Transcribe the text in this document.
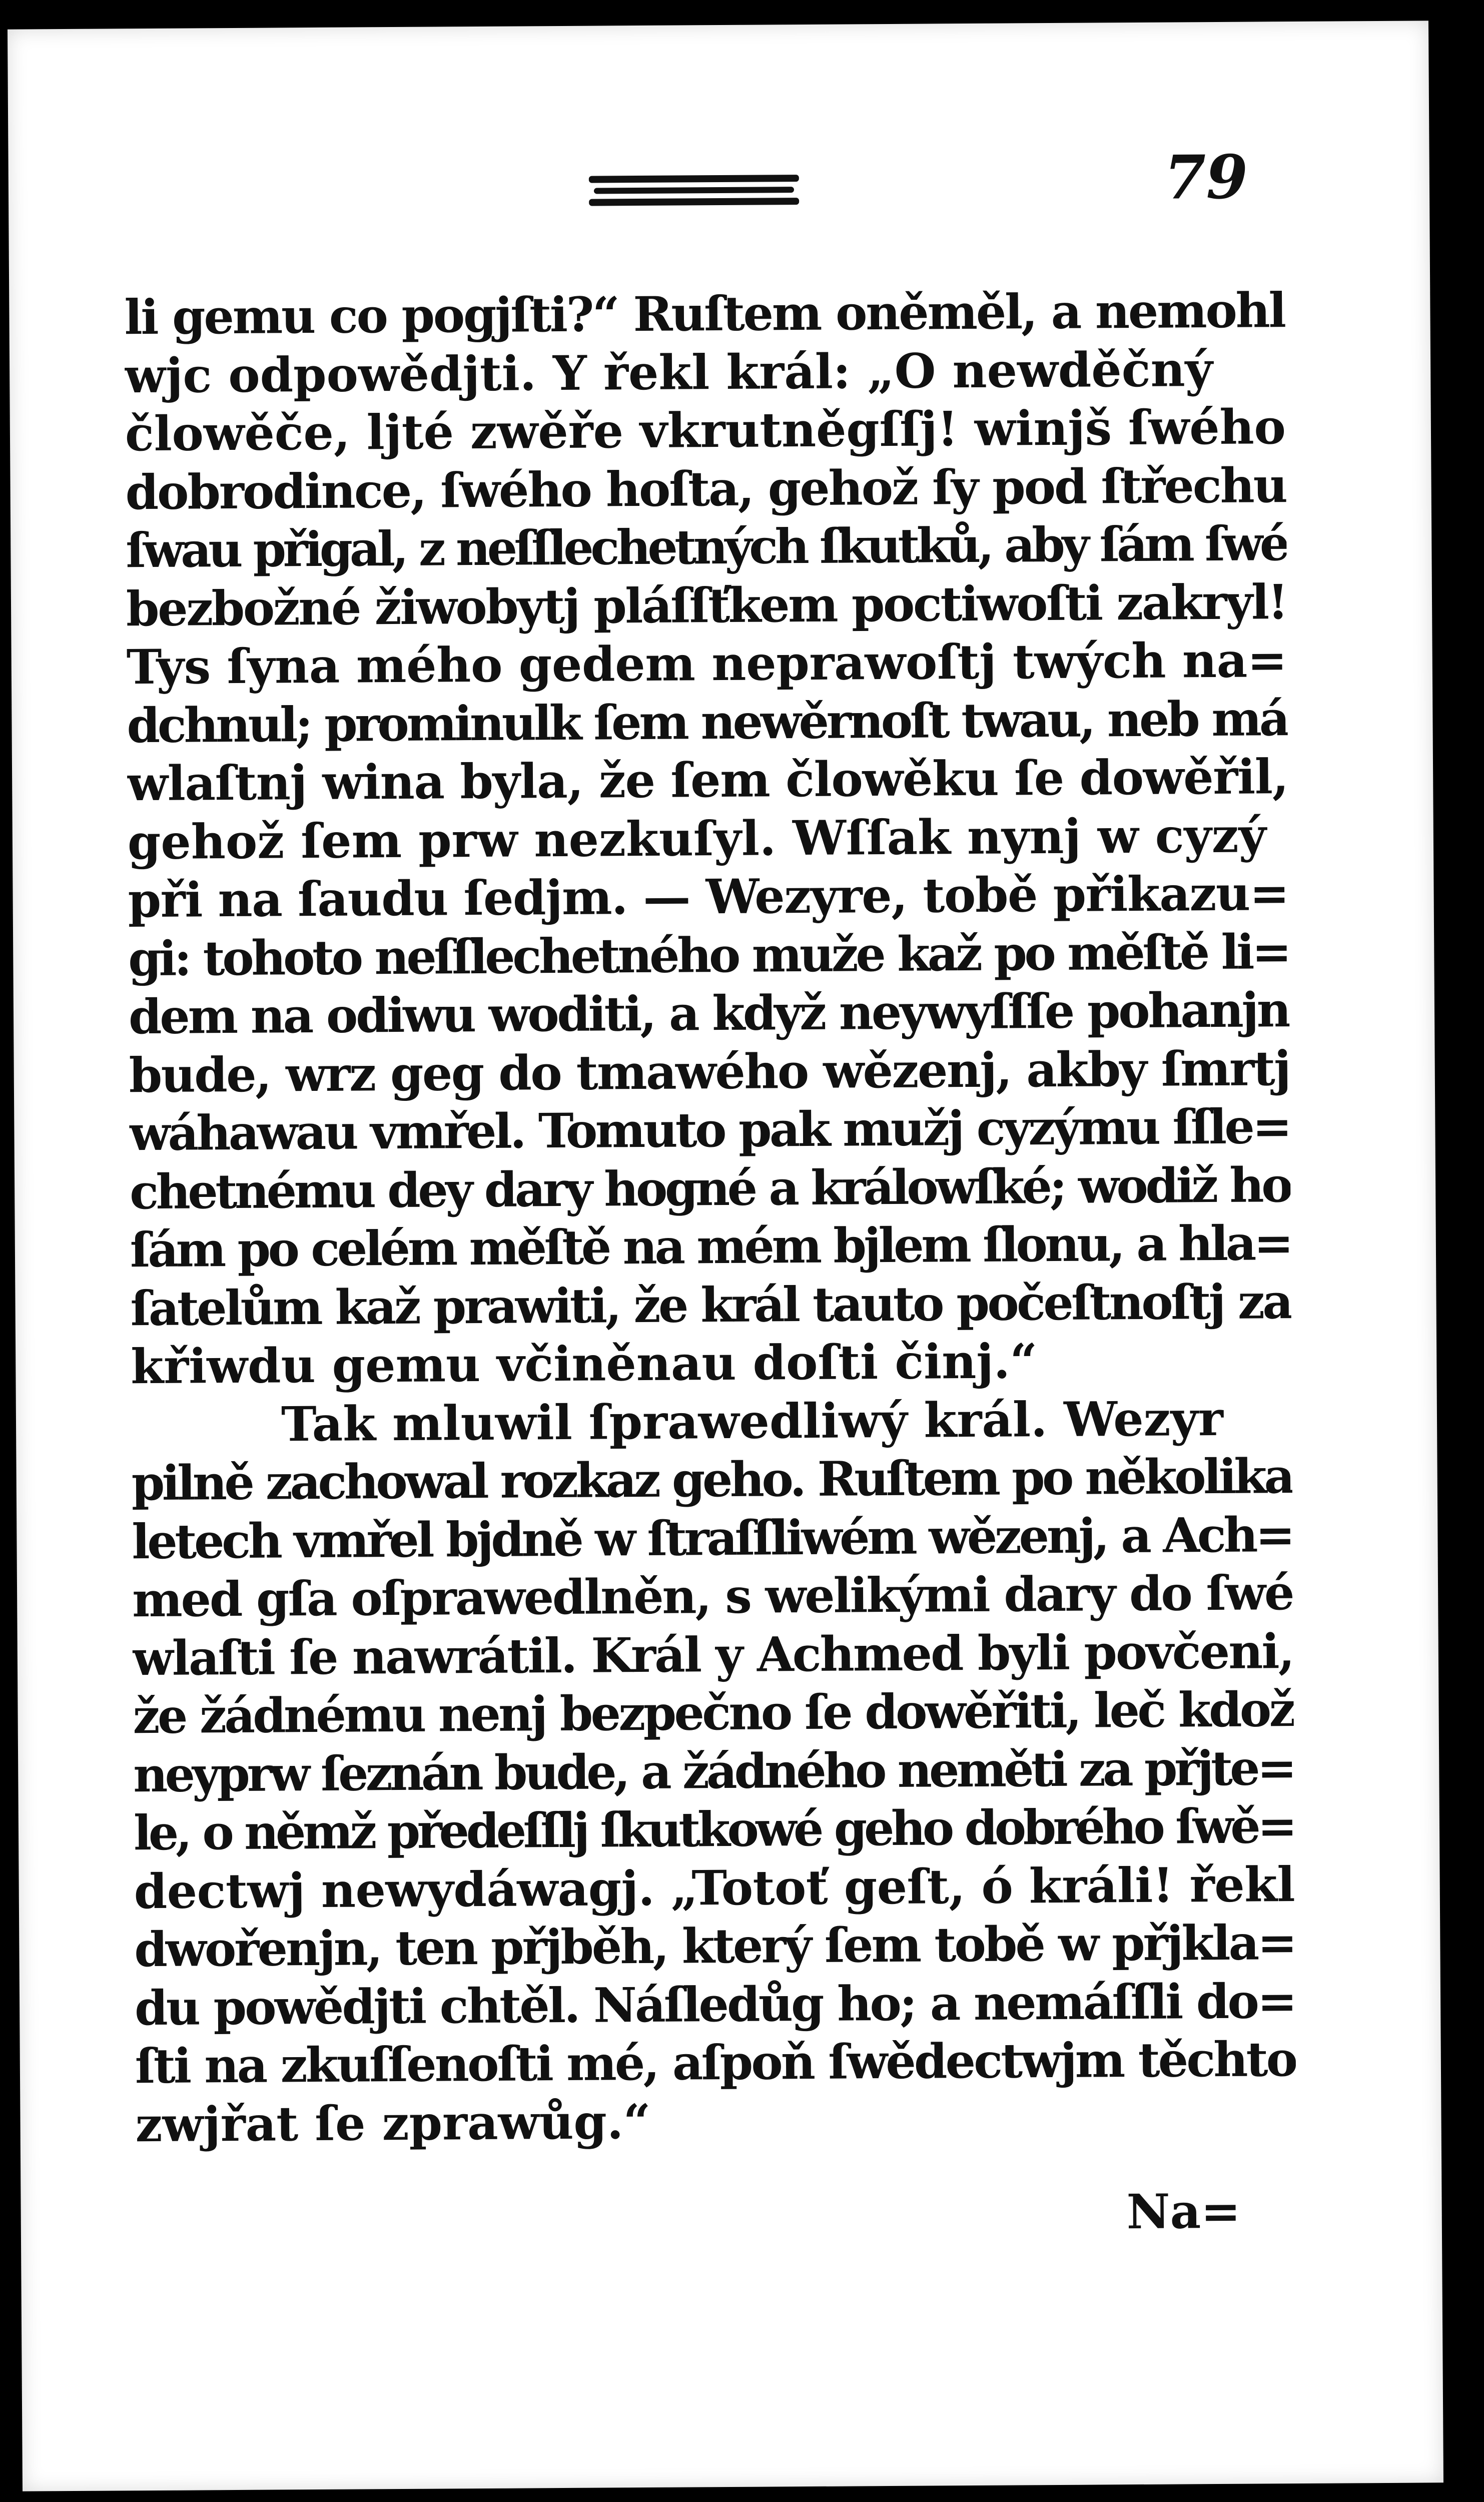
79
li gemu co pogjſti?“ Ruſtem oněměl, a nemohl
wjc odpowědjti. Y řekl král: „O newděčný
člowěče, ljté zwěře vkrutněgſſj! winjš ſwého
dobrodince, ſwého hoſta, gehož ſy pod ſtřechu
ſwau přigal, z neſſlechetných ſkutků, aby ſám ſwé
bezbožné žiwobytj pláſſťkem poctiwoſti zakryl!
Tys ſyna mého gedem neprawoſtj twých na=
dchnul; prominulk ſem newěrnoſt twau, neb má
wlaſtnj wina byla, že ſem člowěku ſe dowěřil,
gehož ſem prw nezkuſyl. Wſſak nynj w cyzý
při na ſaudu ſedjm. — Wezyre, tobě přikazu=
gi: tohoto neſſlechetného muže kaž po měſtě li=
dem na odiwu woditi, a když neywyſſſe pohanjn
bude, wrz geg do tmawého wězenj, akby ſmrtj
wáhawau vmřel. Tomuto pak mužj cyzýmu ſſle=
chetnému dey dary hogné a králowſké; wodiž ho
ſám po celém měſtě na mém bjlem ſlonu, a hla=
ſatelům kaž prawiti, že král tauto počeſtnoſtj za
křiwdu gemu včiněnau doſti činj.“
Tak mluwil ſprawedliwý král. Wezyr
pilně zachowal rozkaz geho. Ruſtem po několika
letech vmřel bjdně w ſtraſſliwém wězenj, a Ach=
med gſa oſprawedlněn, s welikými dary do ſwé
wlaſti ſe nawrátil. Král y Achmed byli povčeni,
že žádnému nenj bezpečno ſe dowěřiti, leč kdož
neyprw ſeznán bude, a žádného neměti za přjte=
le, o němž předeſſlj ſkutkowé geho dobrého ſwě=
dectwj newydáwagj. „Totoť geſt, ó králi! řekl
dwořenjn, ten přjběh, který ſem tobě w přjkla=
du powědjti chtěl. Náſledůg ho; a nemáſſli do=
ſti na zkuſſenoſti mé, aſpoň ſwědectwjm těchto
zwjřat ſe zprawůg.“
Na=
